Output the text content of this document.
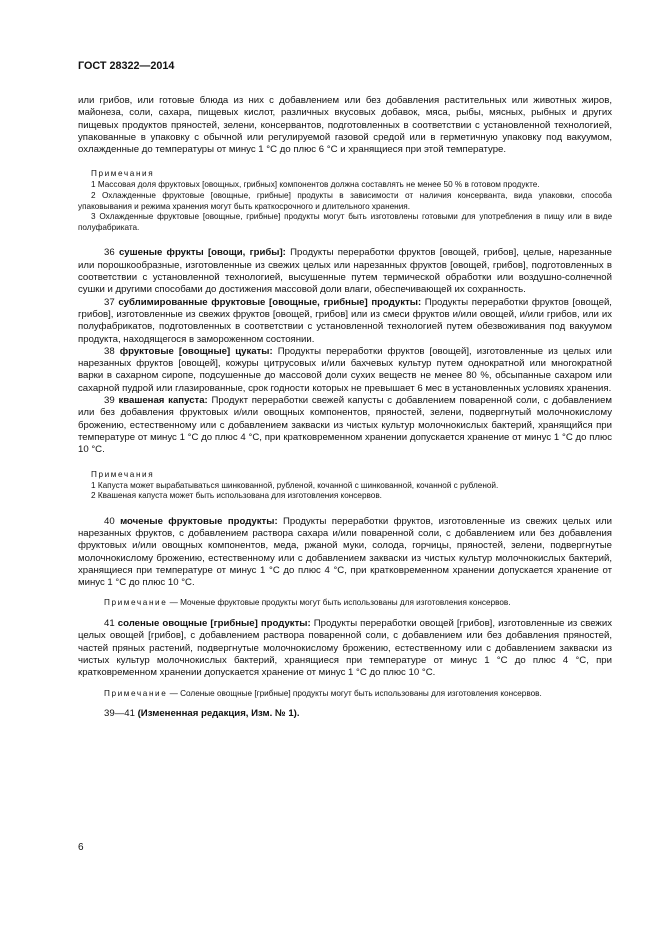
ГОСТ 28322—2014

или грибов, или готовые блюда из них с добавлением или без добавления растительных или животных жиров, майонеза, соли, сахара, пищевых кислот, различных вкусовых добавок, мяса, рыбы, мясных, рыбных и других пищевых продуктов пряностей, зелени, консервантов, подготовленных в соответствии с установленной технологией, упакованные в упаковку с обычной или регулируемой газовой средой или в герметичную упаковку под вакуумом, охлажденные до температуры от минус 1 °С до плюс 6 °С и хранящиеся при этой температуре.

Примечания

1 Массовая доля фруктовых [овощных, грибных] компонентов должна составлять не менее 50 % в готовом продукте.

2 Охлажденные фруктовые [овощные, грибные] продукты в зависимости от наличия консерванта, вида упаковки, способа упаковывания и режима хранения могут быть краткосрочного и длительного хранения.

3 Охлажденные фруктовые [овощные, грибные] продукты могут быть изготовлены готовыми для употребления в пищу или в виде полуфабриката.

36 сушеные фрукты [овощи, грибы]: Продукты переработки фруктов [овощей, грибов], целые, нарезанные или порошкообразные, изготовленные из свежих целых или нарезанных фруктов [овощей, грибов], подготовленных в соответствии с установленной технологией, высушенные путем термической обработки или воздушно-солнечной сушки и другими способами до достижения массовой доли влаги, обеспечивающей их сохранность.

37 сублимированные фруктовые [овощные, грибные] продукты: Продукты переработки фруктов [овощей, грибов], изготовленные из свежих фруктов [овощей, грибов] или из смеси фруктов и/или овощей, и/или грибов, или их полуфабрикатов, подготовленных в соответствии с установленной технологией путем обезвоживания под вакуумом продукта, находящегося в замороженном состоянии.

38 фруктовые [овощные] цукаты: Продукты переработки фруктов [овощей], изготовленные из целых или нарезанных фруктов [овощей], кожуры цитрусовых и/или бахчевых культур путем однократной или многократной варки в сахарном сиропе, подсушенные до массовой доли сухих веществ не менее 80 %, обсыпанные сахаром или сахарной пудрой или глазированные, срок годности которых не превышает 6 мес в установленных условиях хранения.

39 квашеная капуста: Продукт переработки свежей капусты с добавлением поваренной соли, с добавлением или без добавления фруктовых и/или овощных компонентов, пряностей, зелени, подвергнутый молочнокислому брожению, естественному или с добавлением закваски из чистых культур молочнокислых бактерий, хранящийся при температуре от минус 1 °С до плюс 4 °С, при кратковременном хранении допускается хранение от минус 1 °С до плюс 10 °С.

Примечания

1 Капуста может вырабатываться шинкованной, рубленой, кочанной с шинкованной, кочанной с рубленой.

2 Квашеная капуста может быть использована для изготовления консервов.

40 моченые фруктовые продукты: Продукты переработки фруктов, изготовленные из свежих целых или нарезанных фруктов, с добавлением раствора сахара и/или поваренной соли, с добавлением или без добавления фруктовых и/или овощных компонентов, меда, ржаной муки, солода, горчицы, пряностей, зелени, подвергнутые молочнокислому брожению, естественному или с добавлением закваски из чистых культур молочнокислых бактерий, хранящиеся при температуре от минус 1 °С до плюс 4 °С, при кратковременном хранении допускается хранение от минус 1 °С до плюс 10 °С.

Примечание — Моченые фруктовые продукты могут быть использованы для изготовления консервов.

41 соленые овощные [грибные] продукты: Продукты переработки овощей [грибов], изготовленные из свежих целых овощей [грибов], с добавлением раствора поваренной соли, с добавлением или без добавления пряностей, частей пряных растений, подвергнутые молочнокислому брожению, естественному или с добавлением закваски из чистых культур молочнокислых бактерий, хранящиеся при температуре от минус 1 °С до плюс 4 °С, при кратковременном хранении допускается хранение от минус 1 °С до плюс 10 °С.

Примечание — Соленые овощные [грибные] продукты могут быть использованы для изготовления консервов.

39—41 (Измененная редакция, Изм. № 1).

6
